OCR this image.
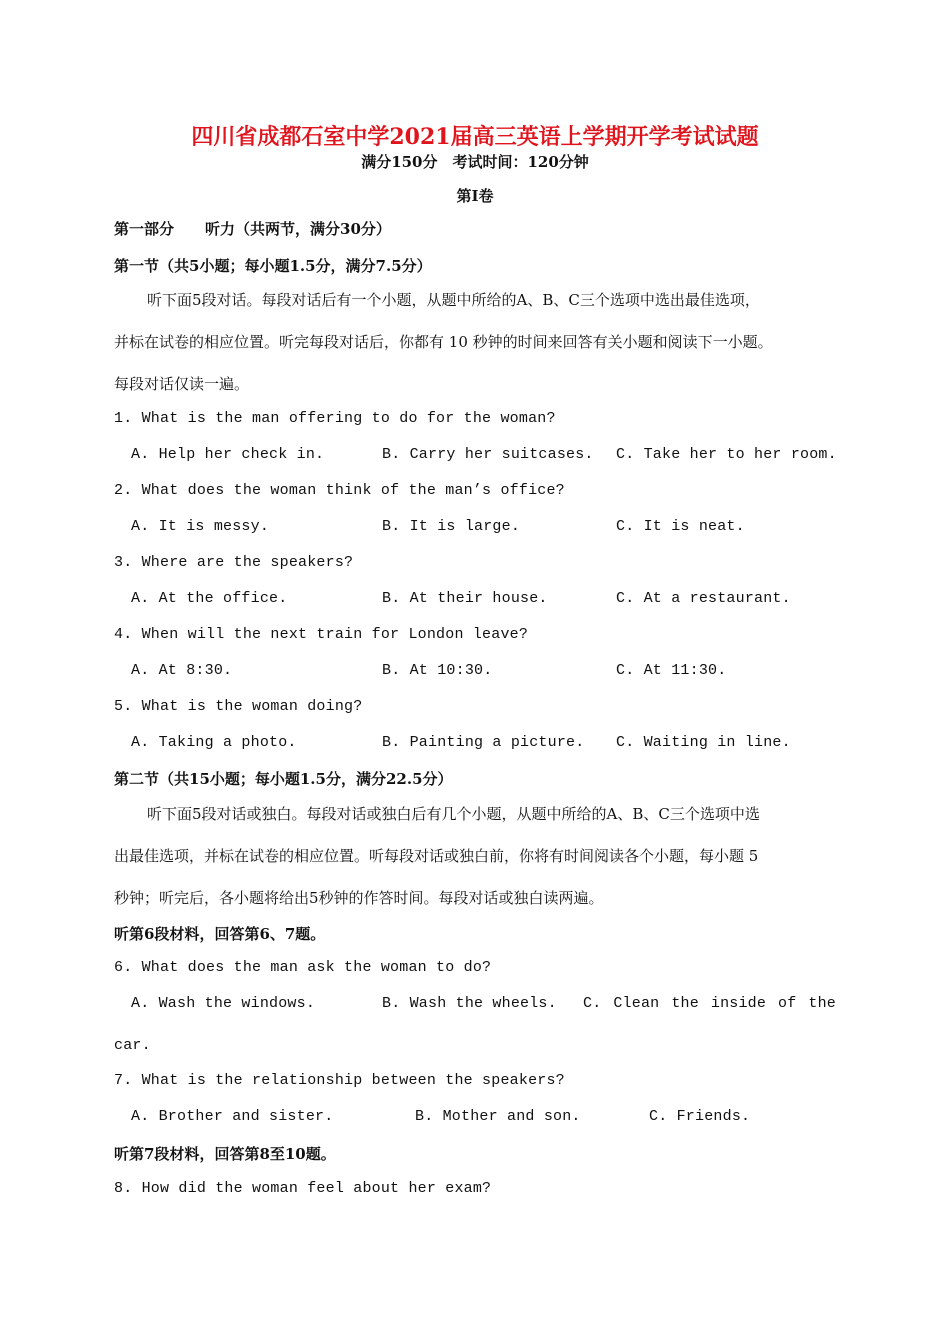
四川省成都石室中学2021届高三英语上学期开学考试试题
满分150分　考试时间：120分钟
第Ⅰ卷
第一部分 听力（共两节，满分30分）
第一节（共5小题；每小题1.5分，满分7.5分）
听下面5段对话。每段对话后有一个小题，从题中所给的A、B、C三个选项中选出最佳选项，
并标在试卷的相应位置。听完每段对话后，你都有 10 秒钟的时间来回答有关小题和阅读下一小题。
每段对话仅读一遍。
1. What is the man offering to do for the woman?
A. Help her check in.	B. Carry her suitcases. C. Take her to her room.
2. What does the woman think of the man’s office?
A. It is messy.	B. It is large.	C. It is neat.
3. Where are the speakers?
A. At the office.	B. At their house.	C. At a restaurant.
4. When will the next train for London leave?
A. At 8:30.	B. At 10:30.	C. At 11:30.
5. What is the woman doing?
A. Taking a photo.	B. Painting a picture. C. Waiting in line.
第二节（共15小题；每小题1.5分，满分22.5分）
听下面5段对话或独白。每段对话或独白后有几个小题，从题中所给的A、B、C三个选项中选
出最佳选项，并标在试卷的相应位置。听每段对话或独白前，你将有时间阅读各个小题，每小题 5
秒钟；听完后，各小题将给出5秒钟的作答时间。每段对话或独白读两遍。
听第6段材料，回答第6、7题。
6. What does the man ask the woman to do?
A. Wash the windows.	B. Wash the wheels. C. Clean the inside of the
car.
7. What is the relationship between the speakers?
A. Brother and sister.	B. Mother and son.	C. Friends.
听第7段材料，回答第8至10题。
8. How did the woman feel about her exam?
